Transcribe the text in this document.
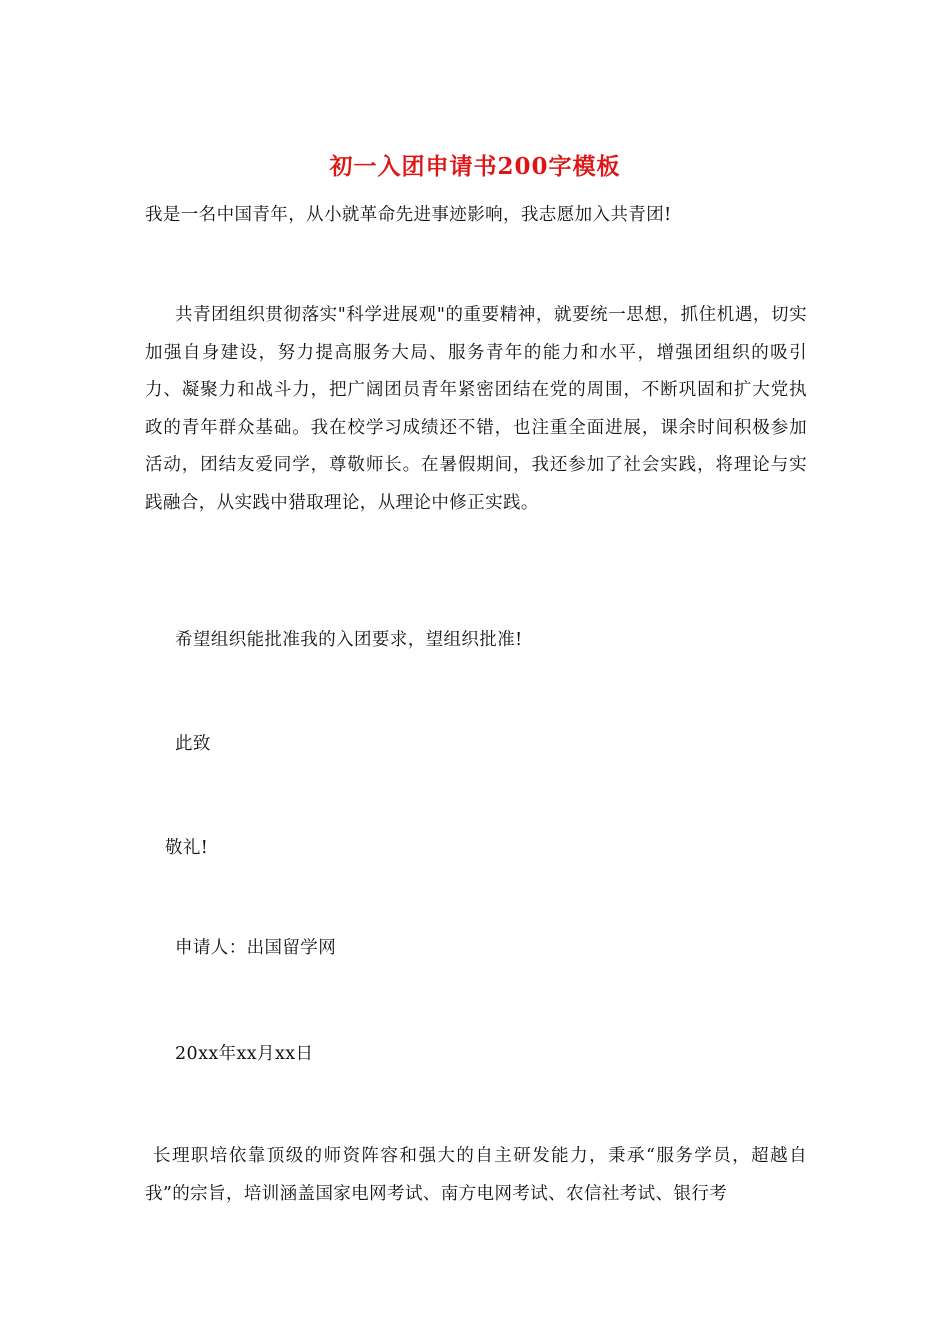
初一入团申请书200字模板
我是一名中国青年，从小就革命先进事迹影响，我志愿加入共青团!
共青团组织贯彻落实"科学进展观"的重要精神，就要统一思想，抓住机遇，切实加强自身建设，努力提高服务大局、服务青年的能力和水平，增强团组织的吸引力、凝聚力和战斗力，把广阔团员青年紧密团结在党的周围，不断巩固和扩大党执政的青年群众基础。我在校学习成绩还不错，也注重全面进展，课余时间积极参加活动，团结友爱同学，尊敬师长。在暑假期间，我还参加了社会实践，将理论与实践融合，从实践中猎取理论，从理论中修正实践。
希望组织能批准我的入团要求，望组织批准!
此致
敬礼!
申请人：出国留学网
20xx年xx月xx日
长理职培依靠顶级的师资阵容和强大的自主研发能力，秉承“服务学员，超越自我”的宗旨，培训涵盖国家电网考试、南方电网考试、农信社考试、银行考
